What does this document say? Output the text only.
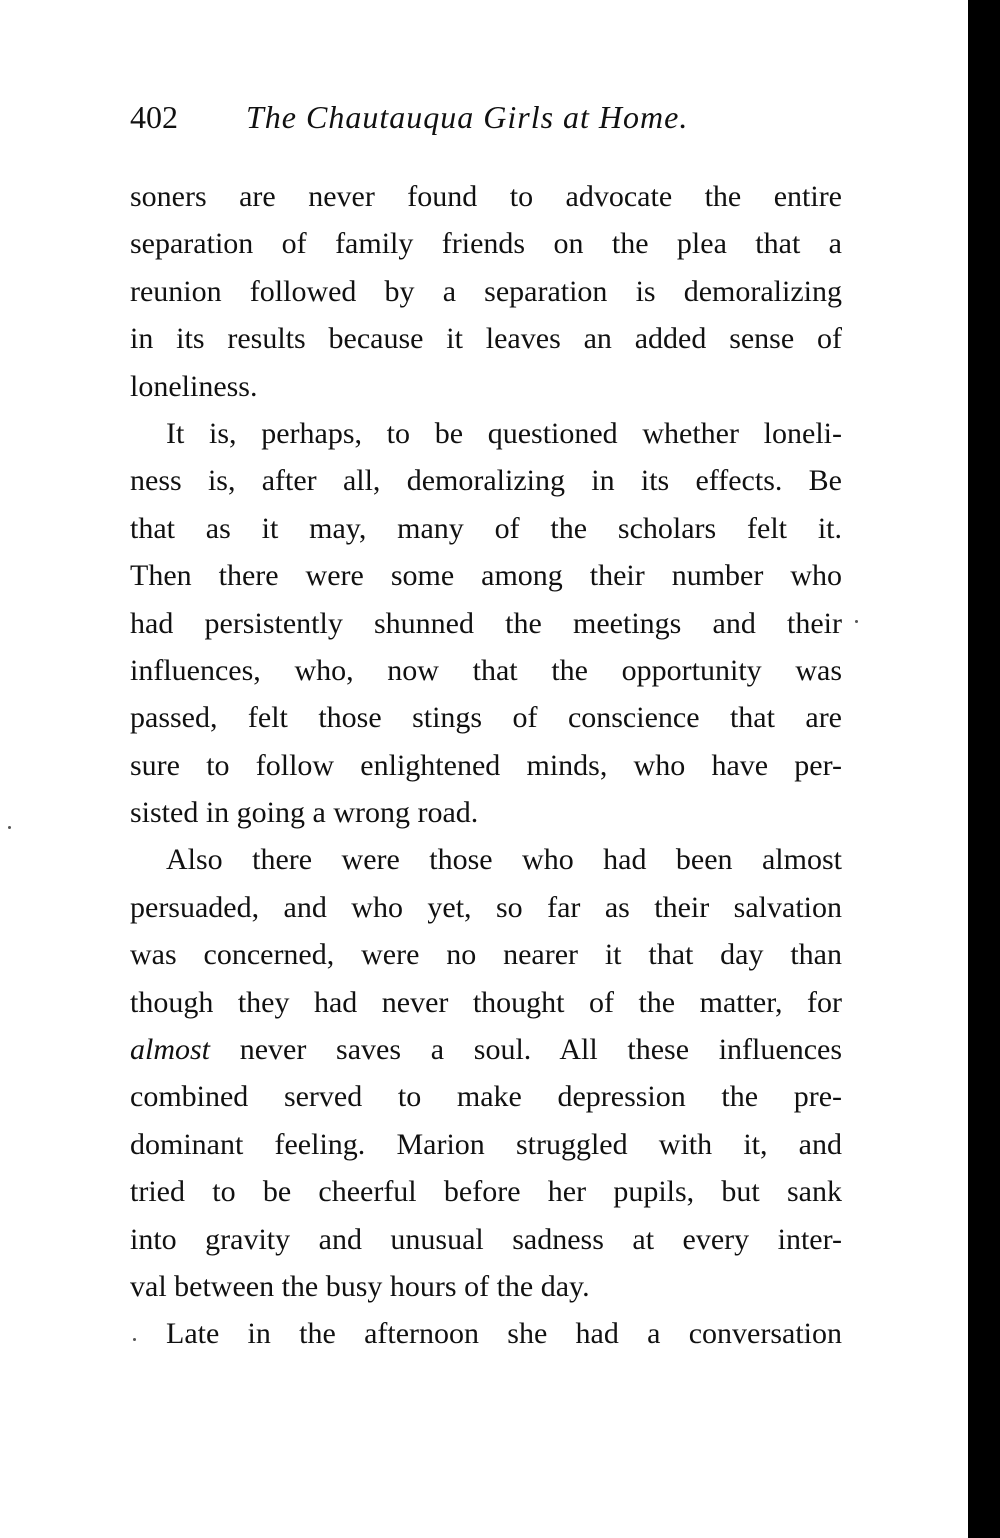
402 The Chautauqua Girls at Home.
soners are never found to advocate the entire
separation of family friends on the plea that a
reunion followed by a separation is demoralizing
in its results because it leaves an added sense of
loneliness.
It is, perhaps, to be questioned whether loneli-
ness is, after all, demoralizing in its effects. Be
that as it may, many of the scholars felt it.
Then there were some among their number who
had persistently shunned the meetings and their
influences, who, now that the opportunity was
passed, felt those stings of conscience that are
sure to follow enlightened minds, who have per-
sisted in going a wrong road.
Also there were those who had been almost
persuaded, and who yet, so far as their salvation
was concerned, were no nearer it that day than
though they had never thought of the matter, for
almost never saves a soul. All these influences
combined served to make depression the pre-
dominant feeling. Marion struggled with it, and
tried to be cheerful before her pupils, but sank
into gravity and unusual sadness at every inter-
val between the busy hours of the day.
Late in the afternoon she had a conversation
